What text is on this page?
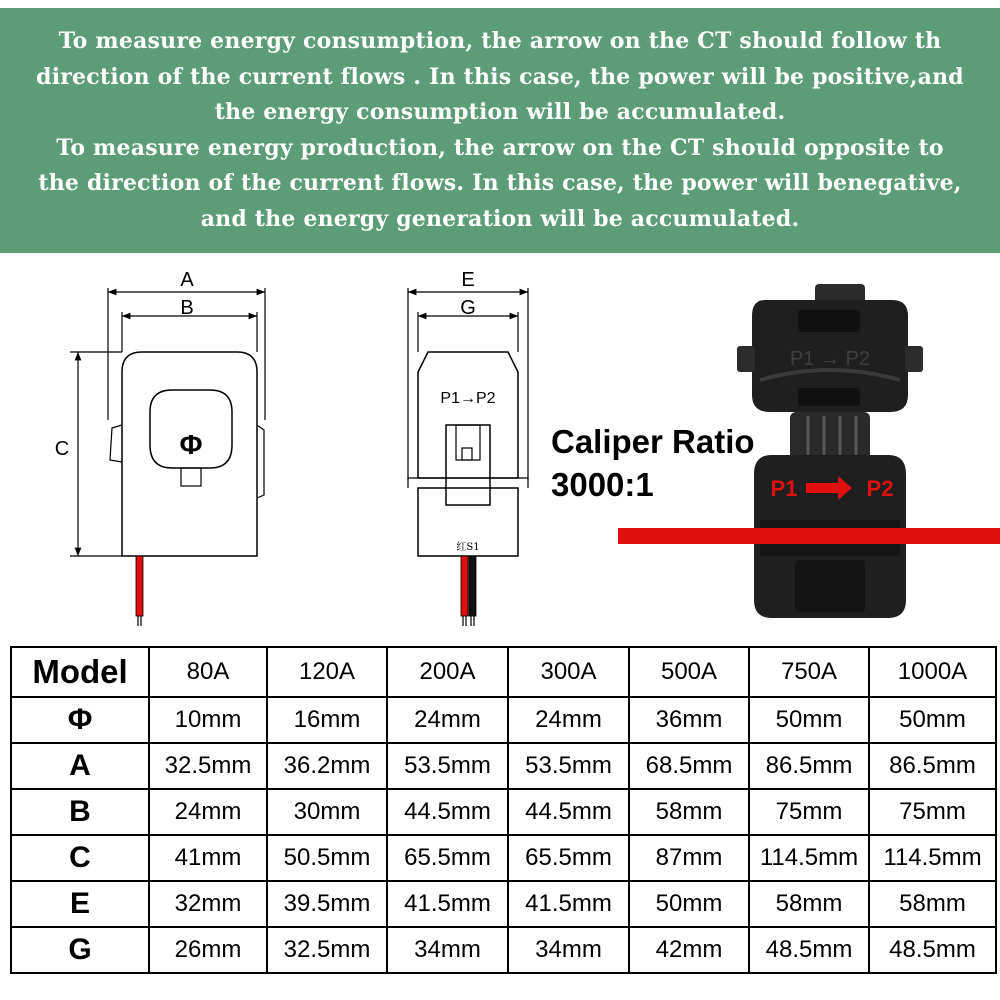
To measure energy consumption, the arrow on the CT should follow th

direction of the current flows . In this case, the power will be positive,and

the energy consumption will be accumulated.

To measure energy production, the arrow on the CT should opposite to

the direction of the current flows. In this case, the power will benegative,

and the energy generation will be accumulated.

A
B
C	Φ
E
G
P1→P2
红S1
P1 → P2
P1	P2
Caliper Ratio
3000:1
Model	80A	120A	200A	300A	500A	750A	1000A
Φ	10mm	16mm	24mm	24mm	36mm	50mm	50mm
A	32.5mm	36.2mm	53.5mm	53.5mm	68.5mm	86.5mm	86.5mm
B	24mm	30mm	44.5mm	44.5mm	58mm	75mm	75mm
C	41mm	50.5mm	65.5mm	65.5mm	87mm	114.5mm	114.5mm
E	32mm	39.5mm	41.5mm	41.5mm	50mm	58mm	58mm
G	26mm	32.5mm	34mm	34mm	42mm	48.5mm	48.5mm
